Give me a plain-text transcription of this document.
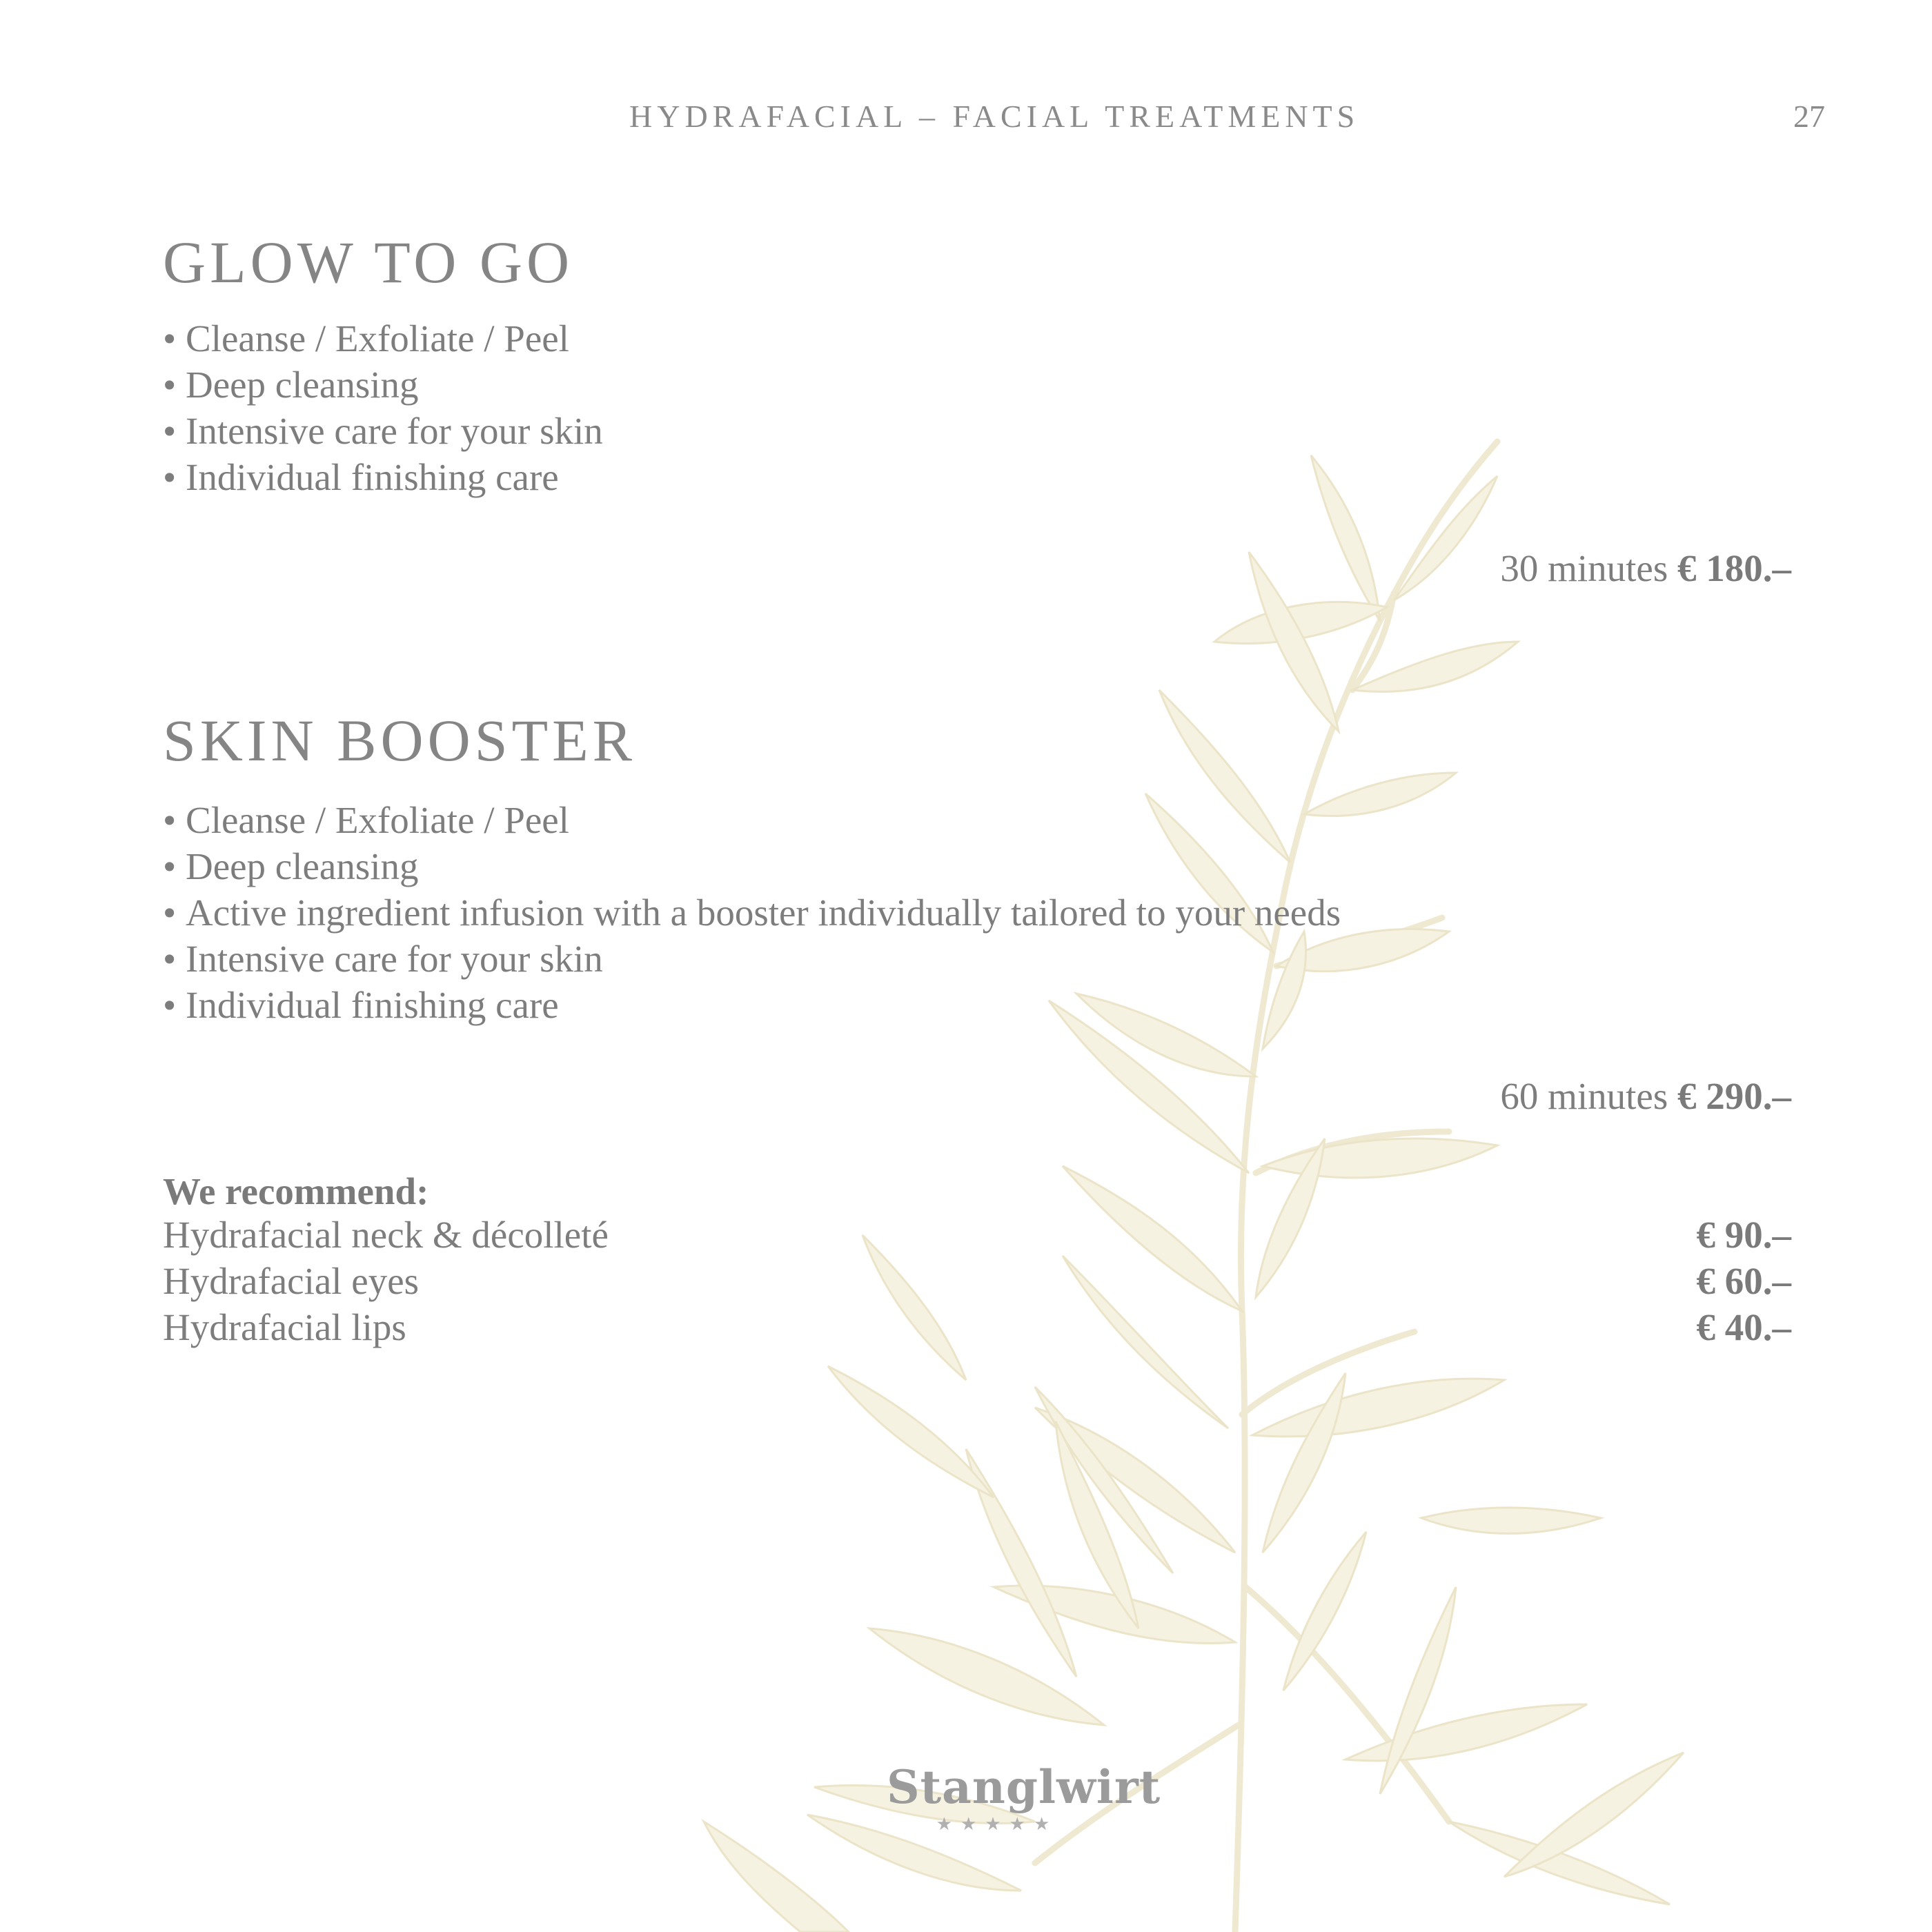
HYDRAFACIAL – FACIAL TREATMENTS	27
GLOW TO GO
• Cleanse / Exfoliate / Peel
• Deep cleansing
• Intensive care for your skin
• Individual finishing care
30 minutes € 180.–
SKIN BOOSTER
• Cleanse / Exfoliate / Peel
• Deep cleansing
• Active ingredient infusion with a booster individually tailored to your needs
• Intensive care for your skin
• Individual finishing care
60 minutes € 290.–
We recommend:
Hydrafacial neck & décolleté	€ 90.–
Hydrafacial eyes	€ 60.–
Hydrafacial lips	€ 40.–
Stanglwirt
★★★★★
